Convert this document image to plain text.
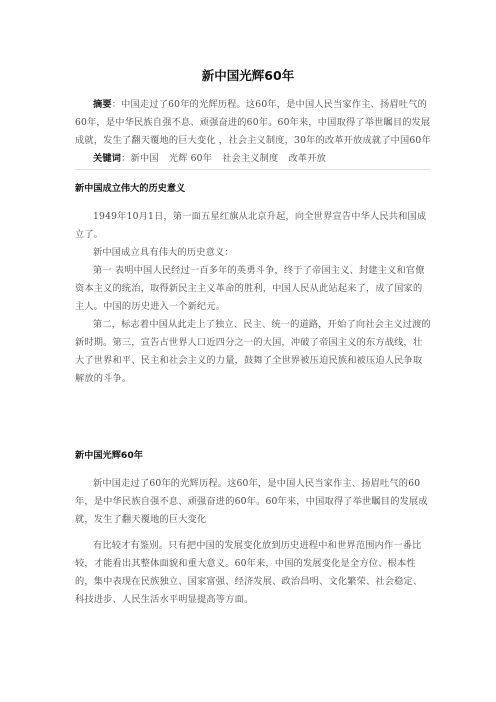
新中国光辉60年

摘要：中国走过了60年的光辉历程。这60年，是中国人民当家作主、扬眉吐气的60年，是中华民族自强不息、顽强奋进的60年。60年来，中国取得了举世瞩目的发展成就，发生了翻天覆地的巨大变化 ，社会主义制度，30年的改革开放成就了中国60年

关键词：新中国 光辉 60年 社会主义制度 改革开放

新中国成立伟大的历史意义

1949年10月1日，第一面五星红旗从北京升起，向全世界宣告中华人民共和国成立了。

新中国成立具有伟大的历史意义：

第一 表明中国人民经过一百多年的英勇斗争，终于了帝国主义、封建主义和官僚资本主义的统治，取得新民主主义革命的胜利，中国人民从此站起来了，成了国家的主人。中国的历史进入一个新纪元。

第二，标志着中国从此走上了独立、民主、统一的道路，开始了向社会主义过渡的新时期。第三，宣告占世界人口近四分之一的大国，冲破了帝国主义的东方战线，壮大了世界和平、民主和社会主义的力量，鼓舞了全世界被压迫民族和被压迫人民争取解放的斗争。

新中国光辉60年

新中国走过了60年的光辉历程。这60年，是中国人民当家作主、扬眉吐气的60年，是中华民族自强不息、顽强奋进的60年。60年来，中国取得了举世瞩目的发展成就，发生了翻天覆地的巨大变化

有比较才有鉴别。只有把中国的发展变化放到历史进程中和世界范围内作一番比较，才能看出其整体面貌和重大意义。60年来，中国的发展变化是全方位、根本性的，集中表现在民族独立、国家富强、经济发展、政治昌明、文化繁荣、社会稳定、科技进步、人民生活水平明显提高等方面。
